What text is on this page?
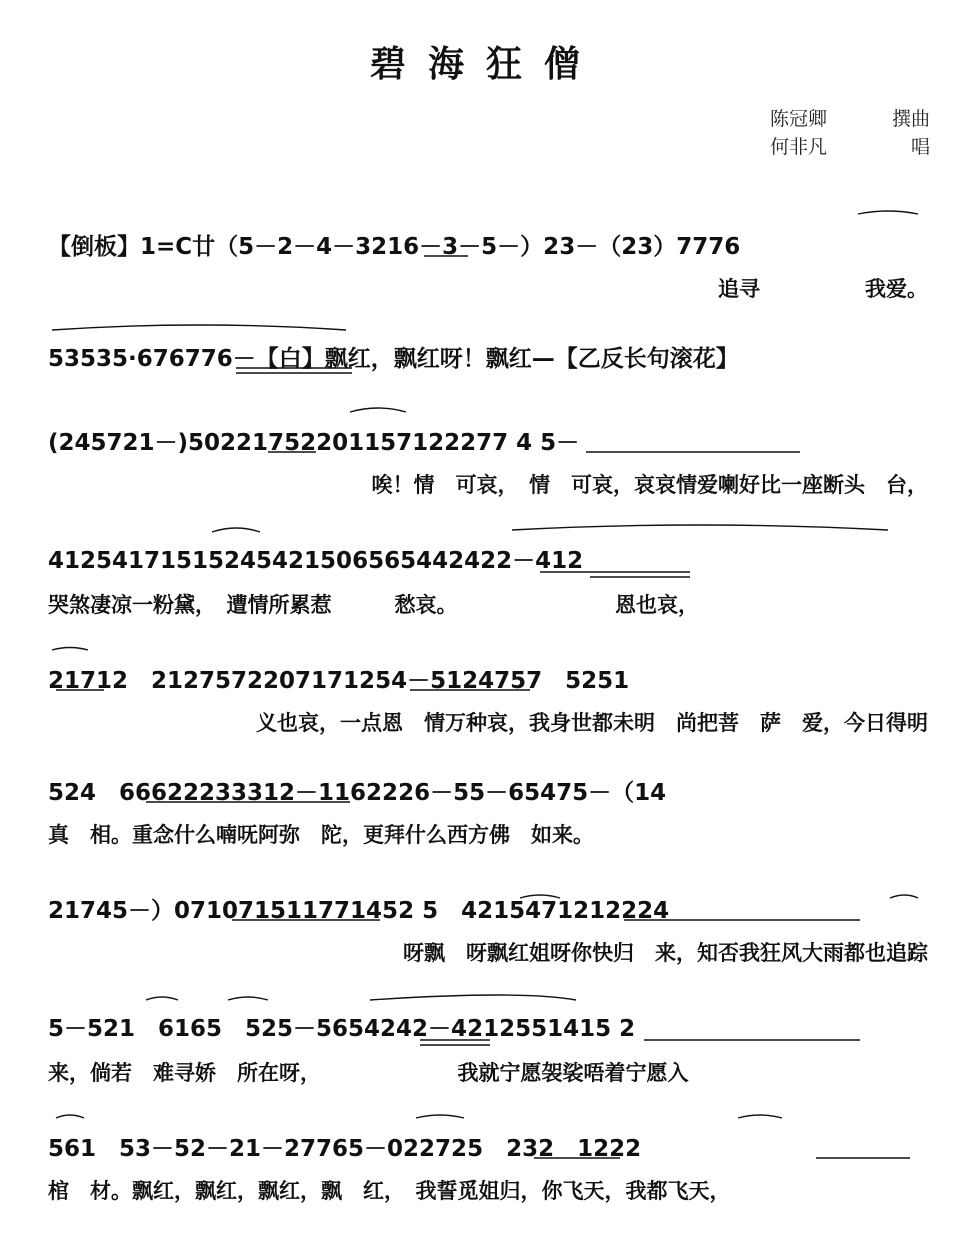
碧海狂僧
陈冠卿	撰曲
何非凡	唱
【倒板】1=C廿（5－2－4－3216－3－5－）23－（23）7776
追寻　　　　　我爱。
53535·676776－【白】飘红，飘红呀！飘红—【乙反长句滚花】
(245721－)50221752201157122277 4 5－
唉！情　可哀，　情　可哀，哀哀情爱喇好比一座断头　台，
41254171515245421506565442422－412
哭煞凄凉一粉黛，　遭情所累惹　　　愁哀。　　　　　　　　恩也哀，
21712　2127572207171254－5124757　5251
义也哀，一点恩　情万种哀，我身世都未明　尚把菩　萨　爱，今日得明
524　66622233312－1162226－55－65475－（14
真　相。重念什么喃呒阿弥　陀，更拜什么西方佛　如来。
21745－）071071511771452 5　4215471212224
呀飘　呀飘红姐呀你快归　来，知否我狂风大雨都也追踪
5－521　6165　525－5654242－4212551415 2
来，倘若　难寻娇　所在呀，　　　　　　　我就宁愿袈裟唔着宁愿入
561　53－52－21－27765－022725　232　1222
棺　材。飘红，飘红，飘红，飘　红，　我誓觅姐归，你飞天，我都飞天，
